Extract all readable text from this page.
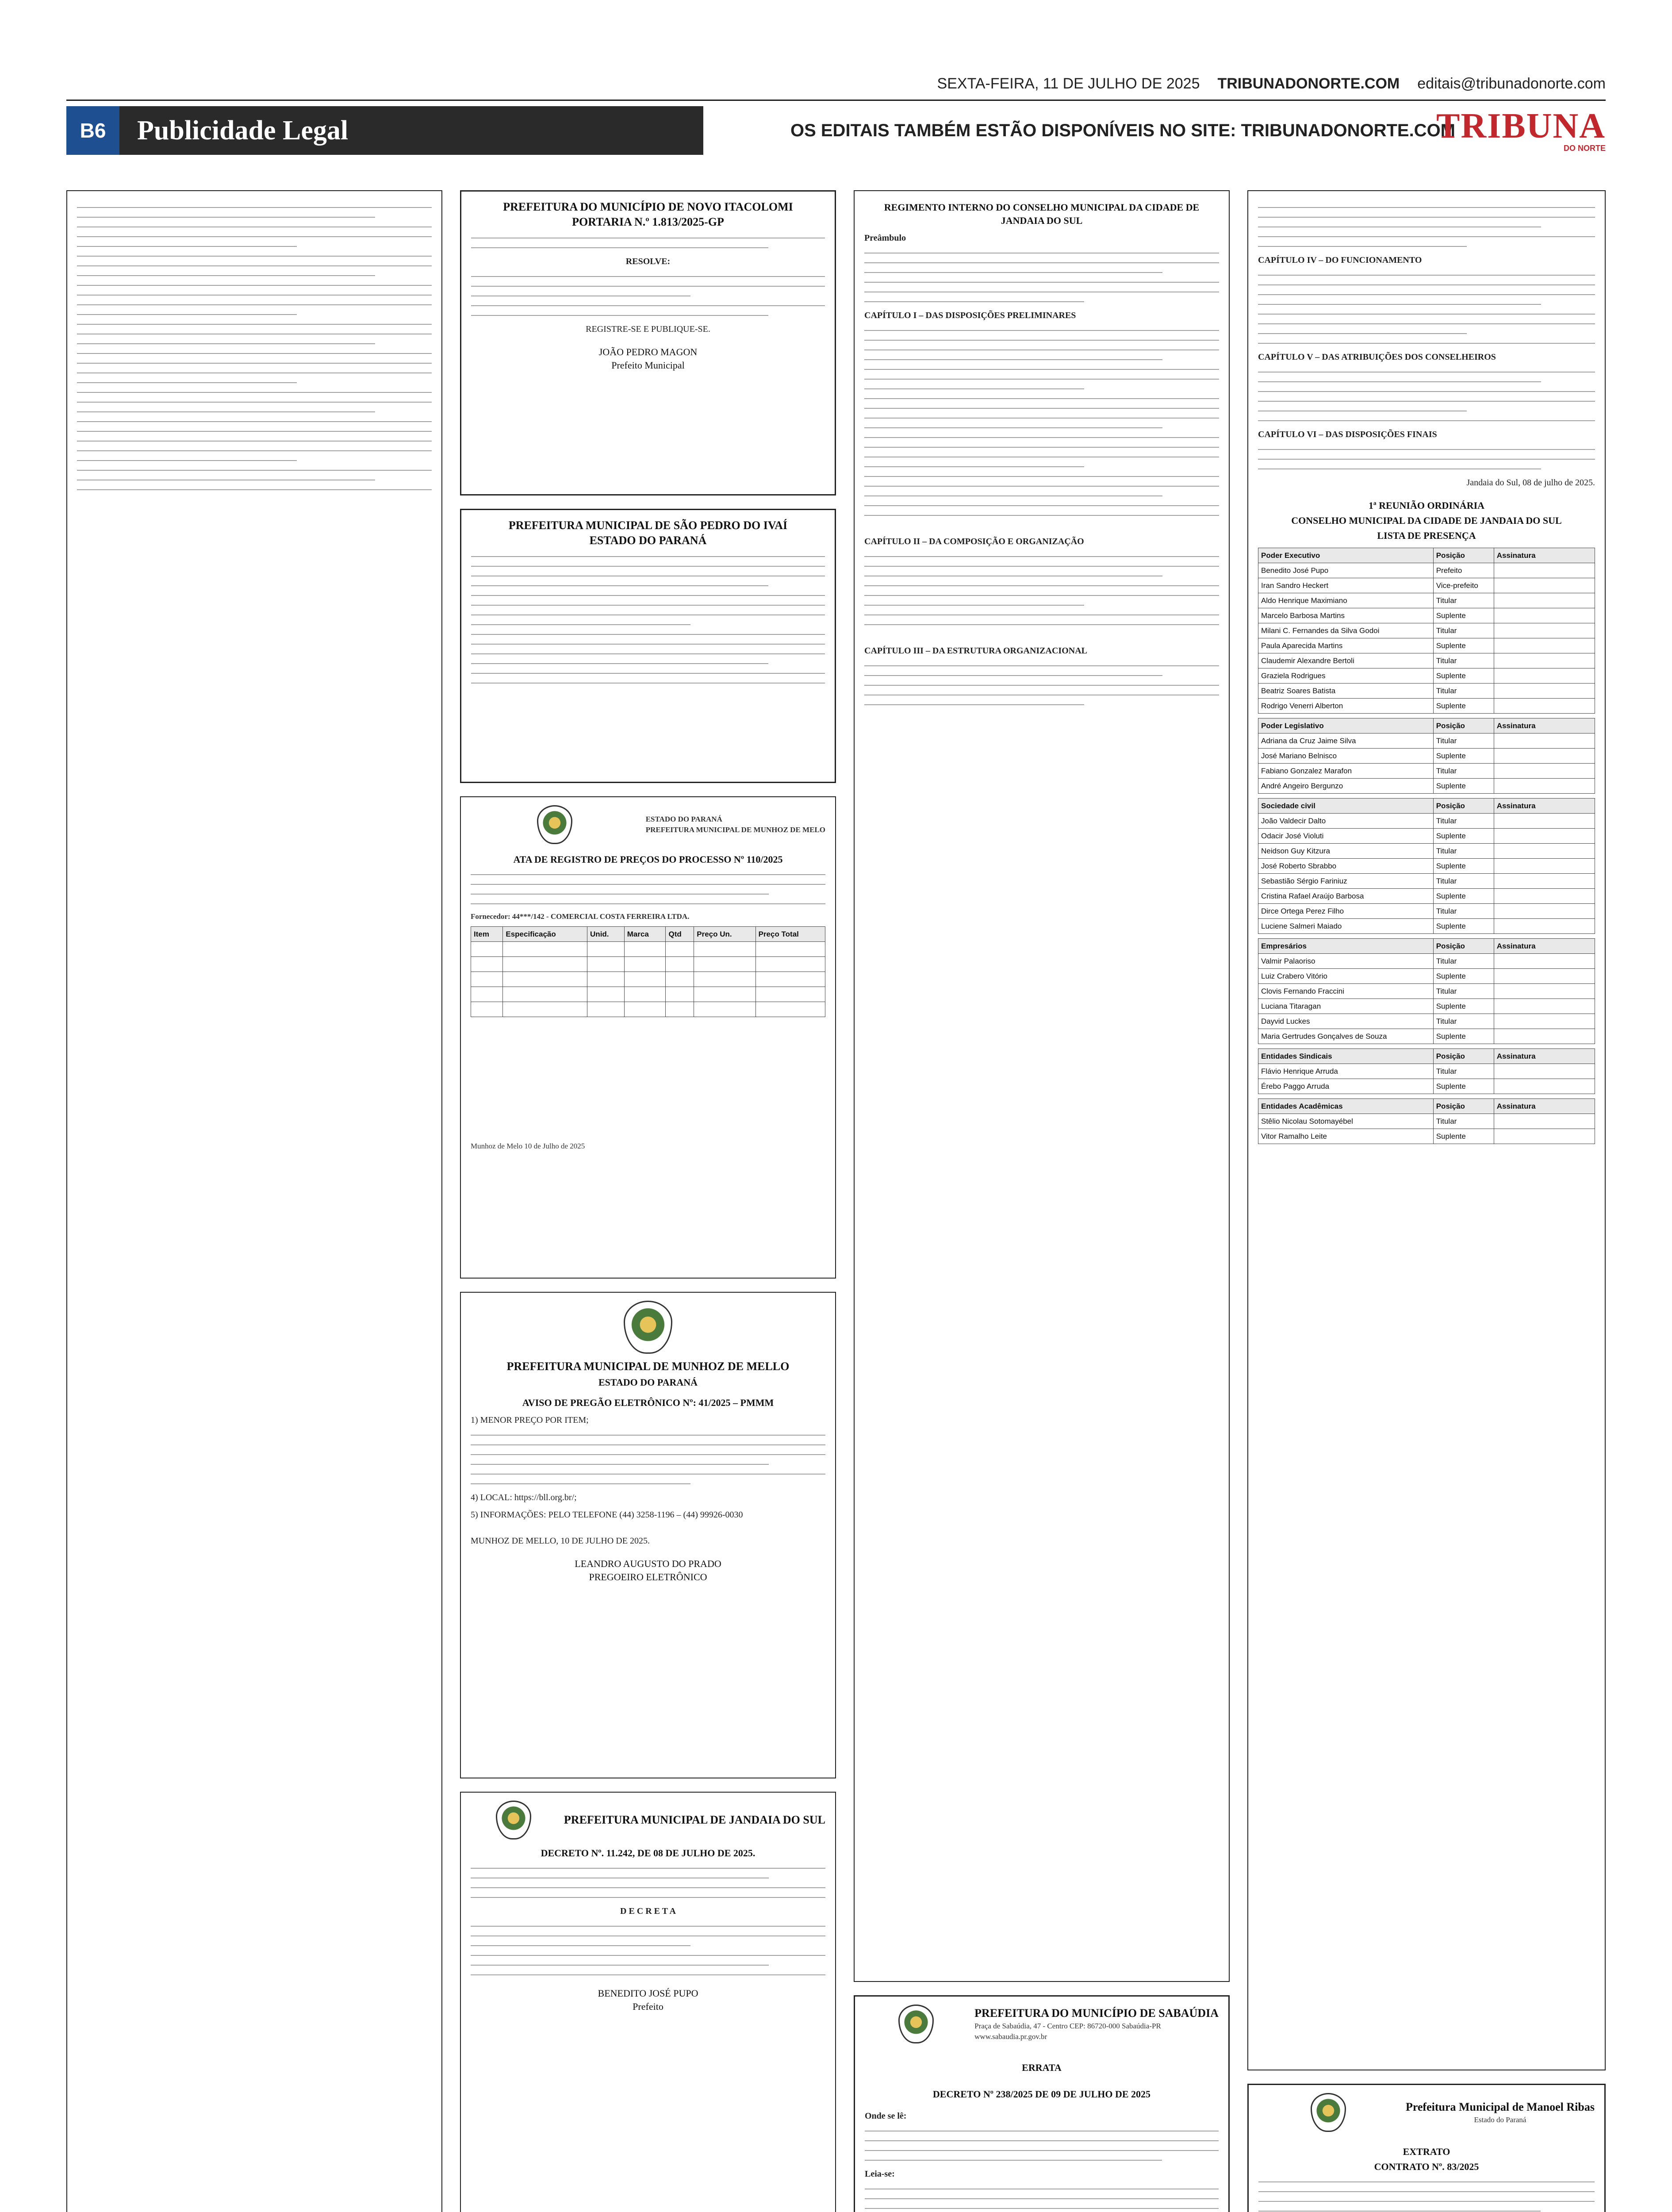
SEXTA-FEIRA, 11 DE JULHO DE 2025 TRIBUNADONORTE.COM editais@tribunadonorte.com
B6	Publicidade Legal	OS EDITAIS TAMBÉM ESTÃO DISPONÍVEIS NO SITE: TRIBUNADONORTE.COM
TRIBUNA
DO NORTE
PREFEITURA DO MUNICÍPIO DE NOVO ITACOLOMI
PORTARIA N.º 1.813/2025-GP
RESOLVE:
REGISTRE-SE E PUBLIQUE-SE.
JOÃO PEDRO MAGON
Prefeito Municipal
PREFEITURA MUNICIPAL DE SÃO PEDRO DO IVAÍ
ESTADO DO PARANÁ
ESTADO DO PARANÁ
PREFEITURA MUNICIPAL DE MUNHOZ DE MELO
ATA DE REGISTRO DE PREÇOS DO PROCESSO Nº 110/2025
Fornecedor: 44***/142 - COMERCIAL COSTA FERREIRA LTDA.
Item	Especificação	Unid.	Marca	Qtd	Preço Un.	Preço Total

Munhoz de Melo 10 de Julho de 2025
PREFEITURA MUNICIPAL DE MUNHOZ DE MELLO
ESTADO DO PARANÁ
AVISO DE PREGÃO ELETRÔNICO Nº: 41/2025 – PMMM
1) MENOR PREÇO POR ITEM;
4) LOCAL: https://bll.org.br/;
5) INFORMAÇÕES: PELO TELEFONE (44) 3258-1196 – (44) 99926-0030
MUNHOZ DE MELLO, 10 DE JULHO DE 2025.
LEANDRO AUGUSTO DO PRADO
PREGOEIRO ELETRÔNICO
PREFEITURA MUNICIPAL DE JANDAIA DO SUL
DECRETO Nº. 11.242, DE 08 DE JULHO DE 2025.
D E C R E T A
BENEDITO JOSÉ PUPO
Prefeito
REGIMENTO INTERNO DO CONSELHO MUNICIPAL DA CIDADE DE JANDAIA DO SUL
Preâmbulo
CAPÍTULO I – DAS DISPOSIÇÕES PRELIMINARES
CAPÍTULO II – DA COMPOSIÇÃO E ORGANIZAÇÃO
CAPÍTULO III – DA ESTRUTURA ORGANIZACIONAL
PREFEITURA DO MUNICÍPIO DE SABAÚDIA
Praça de Sabaúdia, 47 - Centro CEP: 86720-000 Sabaúdia-PR
www.sabaudia.pr.gov.br
ERRATA
DECRETO Nº 238/2025 DE 09 DE JULHO DE 2025
Onde se lê:
Leia-se:
CAPÍTULO IV – DO FUNCIONAMENTO
CAPÍTULO V – DAS ATRIBUIÇÕES DOS CONSELHEIROS
CAPÍTULO VI – DAS DISPOSIÇÕES FINAIS
Jandaia do Sul, 08 de julho de 2025.
1ª REUNIÃO ORDINÁRIA
CONSELHO MUNICIPAL DA CIDADE DE JANDAIA DO SUL
LISTA DE PRESENÇA
Poder Executivo	Posição	Assinatura
Benedito José Pupo	Prefeito	
Iran Sandro Heckert	Vice-prefeito	
Aldo Henrique Maximiano	Titular	
Marcelo Barbosa Martins	Suplente	
Milani C. Fernandes da Silva Godoi	Titular	
Paula Aparecida Martins	Suplente	
Claudemir Alexandre Bertoli	Titular	
Graziela Rodrigues	Suplente	
Beatriz Soares Batista	Titular	
Rodrigo Venerri Alberton	Suplente	
Poder Legislativo	Posição	Assinatura
Adriana da Cruz Jaime Silva	Titular	
José Mariano Belnisco	Suplente	
Fabiano Gonzalez Marafon	Titular	
André Angeiro Bergunzo	Suplente	
Sociedade civil	Posição	Assinatura
João Valdecir Dalto	Titular	
Odacir José Violuti	Suplente	
Neidson Guy Kitzura	Titular	
José Roberto Sbrabbo	Suplente	
Sebastião Sérgio Fariniuz	Titular	
Cristina Rafael Araújo Barbosa	Suplente	
Dirce Ortega Perez Filho	Titular	
Luciene Salmeri Maiado	Suplente	
Empresários	Posição	Assinatura
Valmir Palaoriso	Titular	
Luiz Crabero Vitório	Suplente	
Clovis Fernando Fraccini	Titular	
Luciana Titaragan	Suplente	
Dayvid Luckes	Titular	
Maria Gertrudes Gonçalves de Souza	Suplente	
Entidades Sindicais	Posição	Assinatura
Flávio Henrique Arruda	Titular	
Érebo Paggo Arruda	Suplente	
Entidades Acadêmicas	Posição	Assinatura
Stêlio Nicolau Sotomayébel	Titular	
Vitor Ramalho Leite	Suplente	
Prefeitura Municipal de Manoel Ribas
Estado do Paraná
EXTRATO
CONTRATO Nº. 83/2025
